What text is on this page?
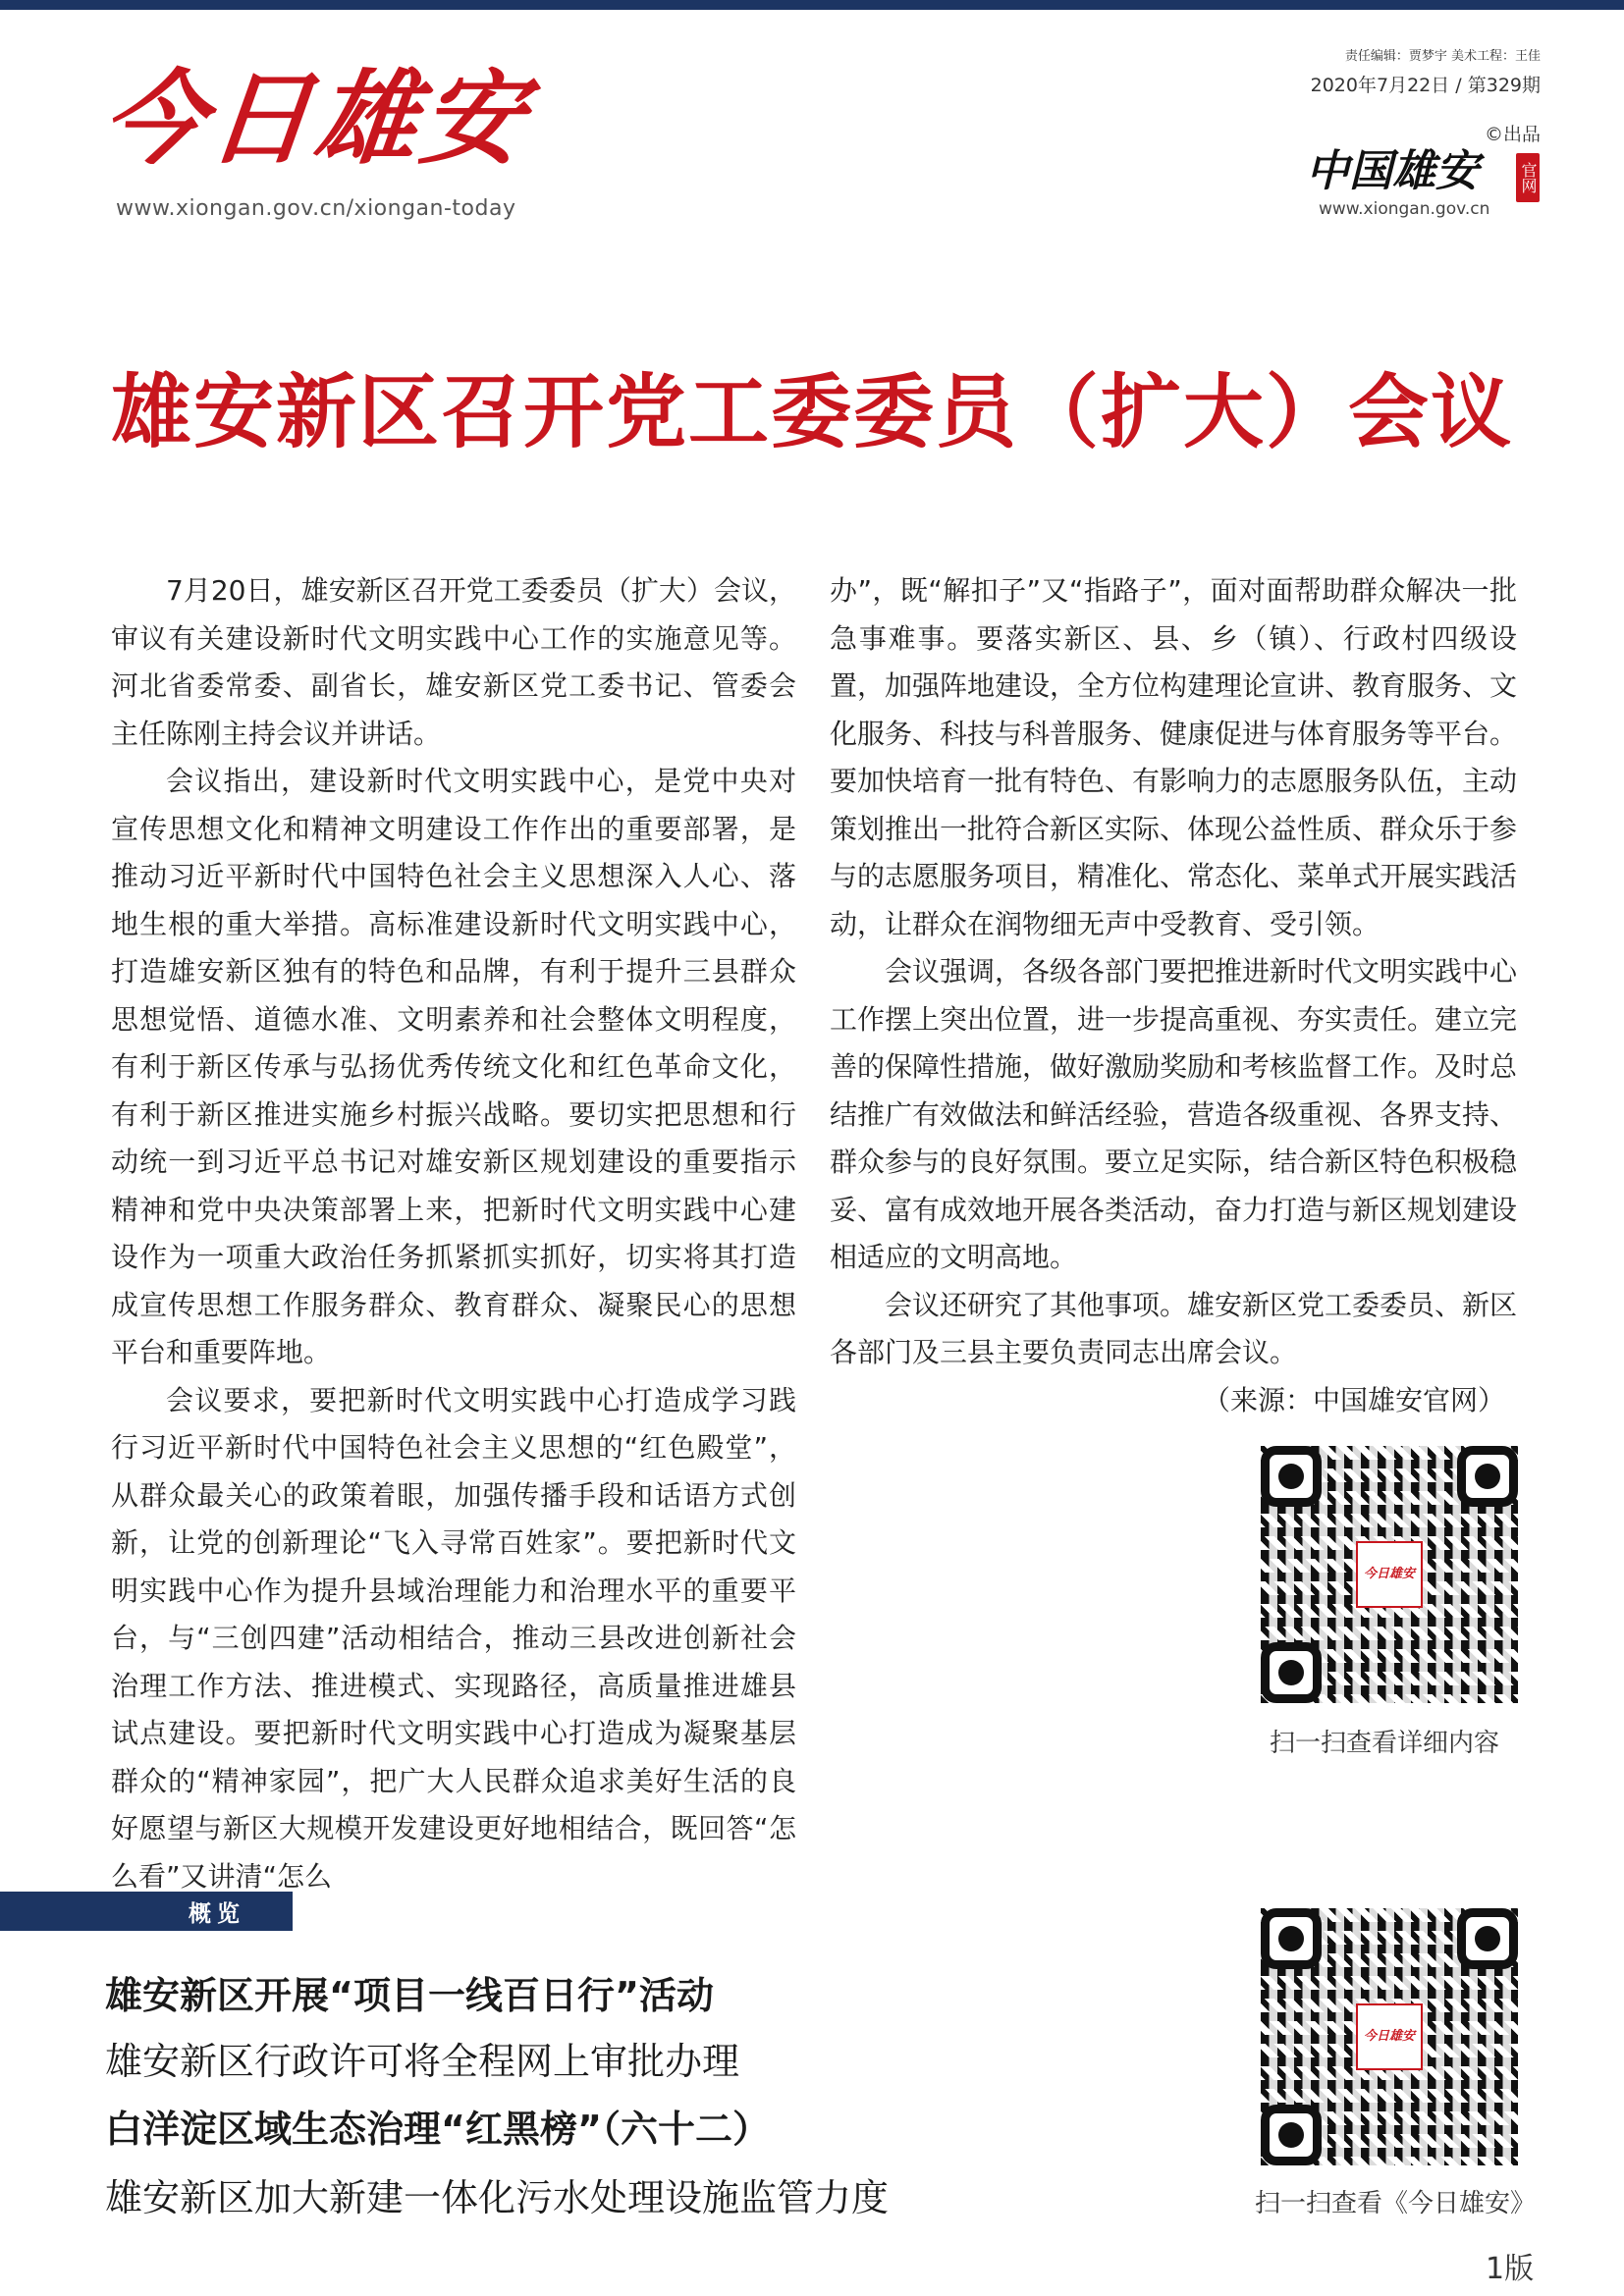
今日雄安
www.xiongan.gov.cn/xiongan-today
责任编辑：贾梦宇 美术工程：王佳
2020年7月22日 / 第329期
©出品
中国雄安	官网
www.xiongan.gov.cn
雄安新区召开党工委委员（扩大）会议

7月20日，雄安新区召开党工委委员（扩大）会议，审议有关建设新时代文明实践中心工作的实施意见等。河北省委常委、副省长，雄安新区党工委书记、管委会主任陈刚主持会议并讲话。

会议指出，建设新时代文明实践中心，是党中央对宣传思想文化和精神文明建设工作作出的重要部署，是推动习近平新时代中国特色社会主义思想深入人心、落地生根的重大举措。高标准建设新时代文明实践中心，打造雄安新区独有的特色和品牌，有利于提升三县群众思想觉悟、道德水准、文明素养和社会整体文明程度，有利于新区传承与弘扬优秀传统文化和红色革命文化，有利于新区推进实施乡村振兴战略。要切实把思想和行动统一到习近平总书记对雄安新区规划建设的重要指示精神和党中央决策部署上来，把新时代文明实践中心建设作为一项重大政治任务抓紧抓实抓好，切实将其打造成宣传思想工作服务群众、教育群众、凝聚民心的思想平台和重要阵地。

会议要求，要把新时代文明实践中心打造成学习践行习近平新时代中国特色社会主义思想的“红色殿堂”，从群众最关心的政策着眼，加强传播手段和话语方式创新，让党的创新理论“飞入寻常百姓家”。要把新时代文明实践中心作为提升县域治理能力和治理水平的重要平台，与“三创四建”活动相结合，推动三县改进创新社会治理工作方法、推进模式、实现路径，高质量推进雄县试点建设。要把新时代文明实践中心打造成为凝聚基层群众的“精神家园”，把广大人民群众追求美好生活的良好愿望与新区大规模开发建设更好地相结合，既回答“怎么看”又讲清“怎么

办”，既“解扣子”又“指路子”，面对面帮助群众解决一批急事难事。要落实新区、县、乡（镇）、行政村四级设置，加强阵地建设，全方位构建理论宣讲、教育服务、文化服务、科技与科普服务、健康促进与体育服务等平台。要加快培育一批有特色、有影响力的志愿服务队伍，主动策划推出一批符合新区实际、体现公益性质、群众乐于参与的志愿服务项目，精准化、常态化、菜单式开展实践活动，让群众在润物细无声中受教育、受引领。

会议强调，各级各部门要把推进新时代文明实践中心工作摆上突出位置，进一步提高重视、夯实责任。建立完善的保障性措施，做好激励奖励和考核监督工作。及时总结推广有效做法和鲜活经验，营造各级重视、各界支持、群众参与的良好氛围。要立足实际，结合新区特色积极稳妥、富有成效地开展各类活动，奋力打造与新区规划建设相适应的文明高地。

会议还研究了其他事项。雄安新区党工委委员、新区各部门及三县主要负责同志出席会议。

（来源：中国雄安官网）

今日雄安
扫一扫查看详细内容
今日雄安
扫一扫查看《今日雄安》
概览
雄安新区开展“项目一线百日行”活动
雄安新区行政许可将全程网上审批办理
白洋淀区域生态治理“红黑榜”（六十二）
雄安新区加大新建一体化污水处理设施监管力度
1版
